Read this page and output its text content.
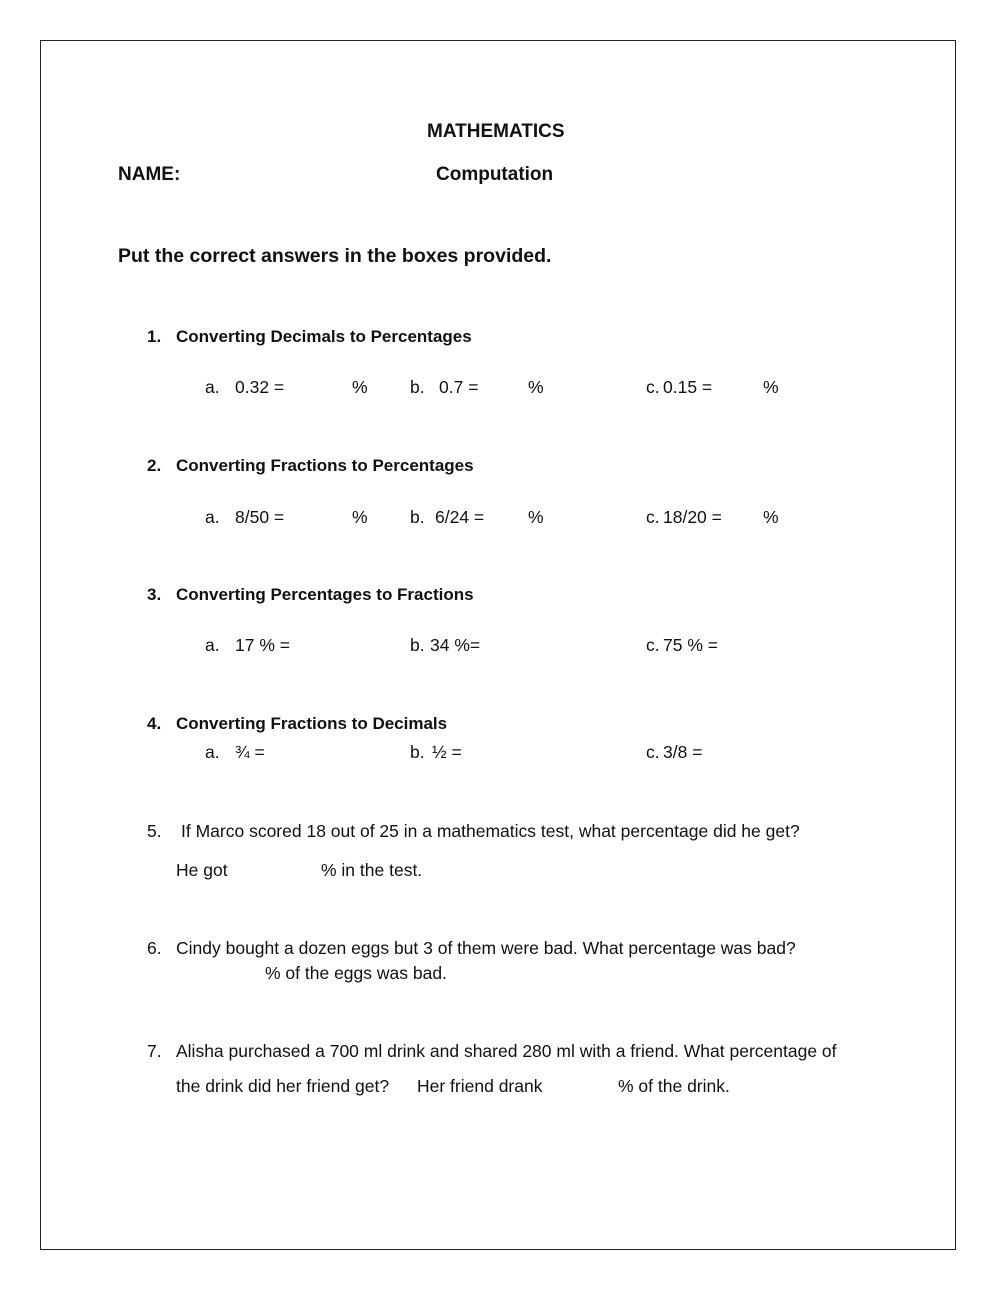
MATHEMATICS
NAME:	Computation
Put the correct answers in the boxes provided.
1. Converting Decimals to Percentages
a. 0.32 =	% b. 0.7 =	%	c. 0.15 =	%
2. Converting Fractions to Percentages
a. 8/50 =	% b. 6/24 =	%	c. 18/20 = %
3. Converting Percentages to Fractions
a. 17 % =	b. 34 %=	c. 75 % =
4. Converting Fractions to Decimals
a. ¾ =	b. ½ =	c. 3/8 =
5. If Marco scored 18 out of 25 in a mathematics test, what percentage did he get?
He got	% in the test.
6. Cindy bought a dozen eggs but 3 of them were bad. What percentage was bad?
% of the eggs was bad.
7. Alisha purchased a 700 ml drink and shared 280 ml with a friend. What percentage of
the drink did her friend get? Her friend drank	% of the drink.
